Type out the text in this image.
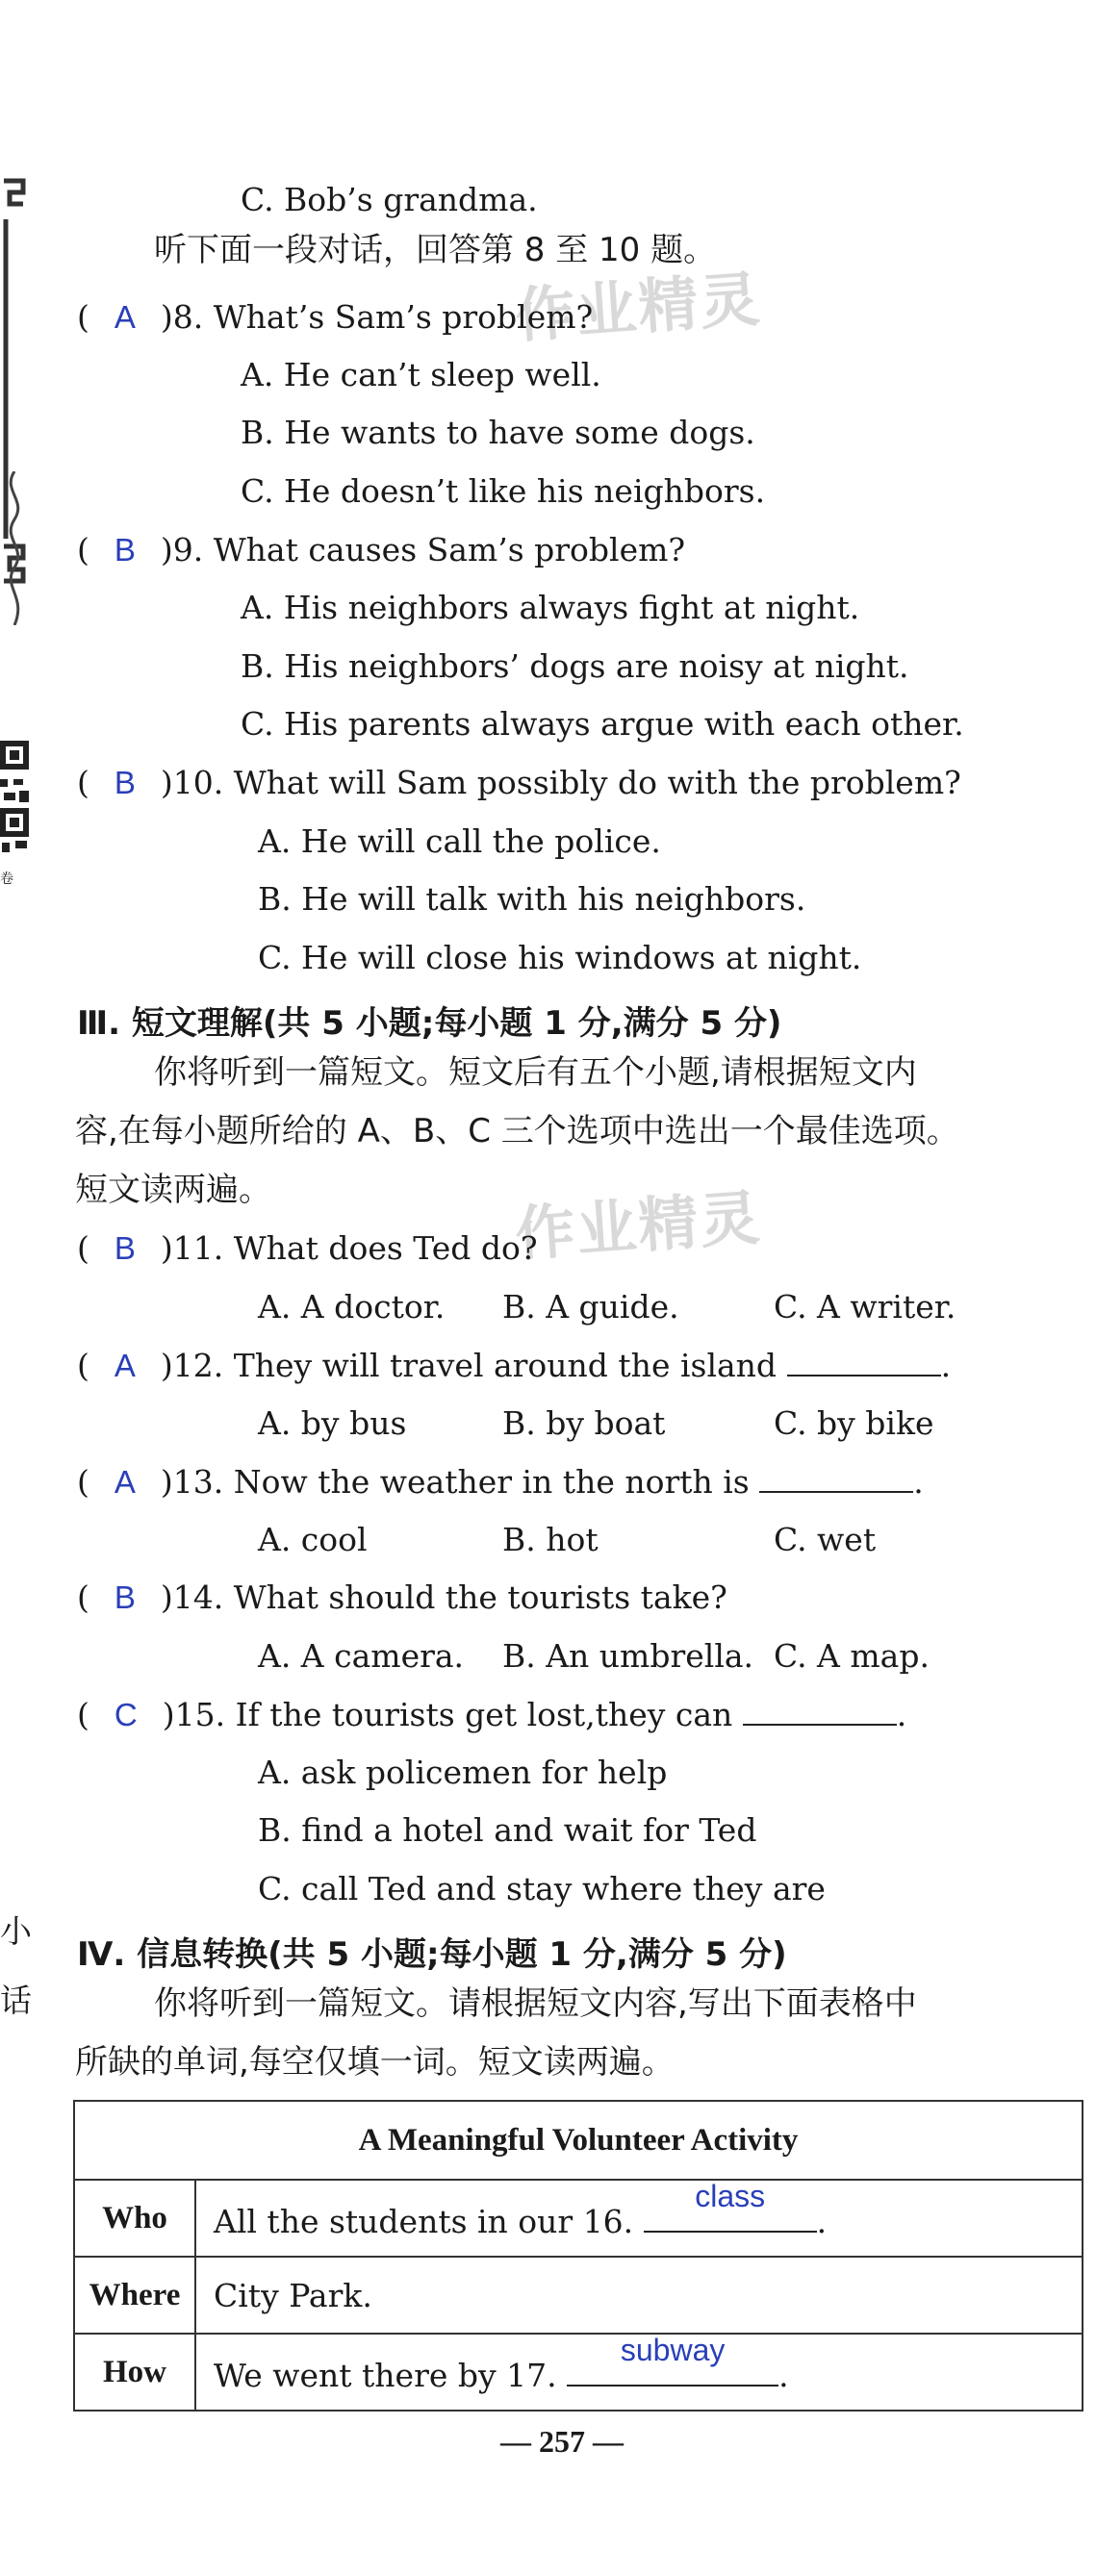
卷
小
话
作业精灵
作业精灵
C. Bob’s grandma.
听下面一段对话，回答第 8 至 10 题。
( A )8. What’s Sam’s problem?
A. He can’t sleep well.
B. He wants to have some dogs.
C. He doesn’t like his neighbors.
( B )9. What causes Sam’s problem?
A. His neighbors always fight at night.
B. His neighbors’ dogs are noisy at night.
C. His parents always argue with each other.
( B )10. What will Sam possibly do with the problem?
A. He will call the police.
B. He will talk with his neighbors.
C. He will close his windows at night.
Ⅲ. 短文理解(共 5 小题;每小题 1 分,满分 5 分)
你将听到一篇短文。短文后有五个小题,请根据短文内
容,在每小题所给的 A、B、C 三个选项中选出一个最佳选项。
短文读两遍。
( B )11. What does Ted do?
A. A doctor. B. A guide.	C. A writer.
( A )12. They will travel around the island	.
A. by bus	B. by boat	C. by bike
( A )13. Now the weather in the north is	.
A. cool	B. hot	C. wet
( B )14. What should the tourists take?
A. A camera. B. An umbrella. C. A map.
( C )15. If the tourists get lost,they can	.
A. ask policemen for help
B. find a hotel and wait for Ted
C. call Ted and stay where they are
Ⅳ. 信息转换(共 5 小题;每小题 1 分,满分 5 分)
你将听到一篇短文。请根据短文内容,写出下面表格中
所缺的单词,每空仅填一词。短文读两遍。
A Meaningful Volunteer Activity	
Who	All the students in our 16.
class
.
Where	City Park.
How	We went there by 17.
subway
.
— 257 —
